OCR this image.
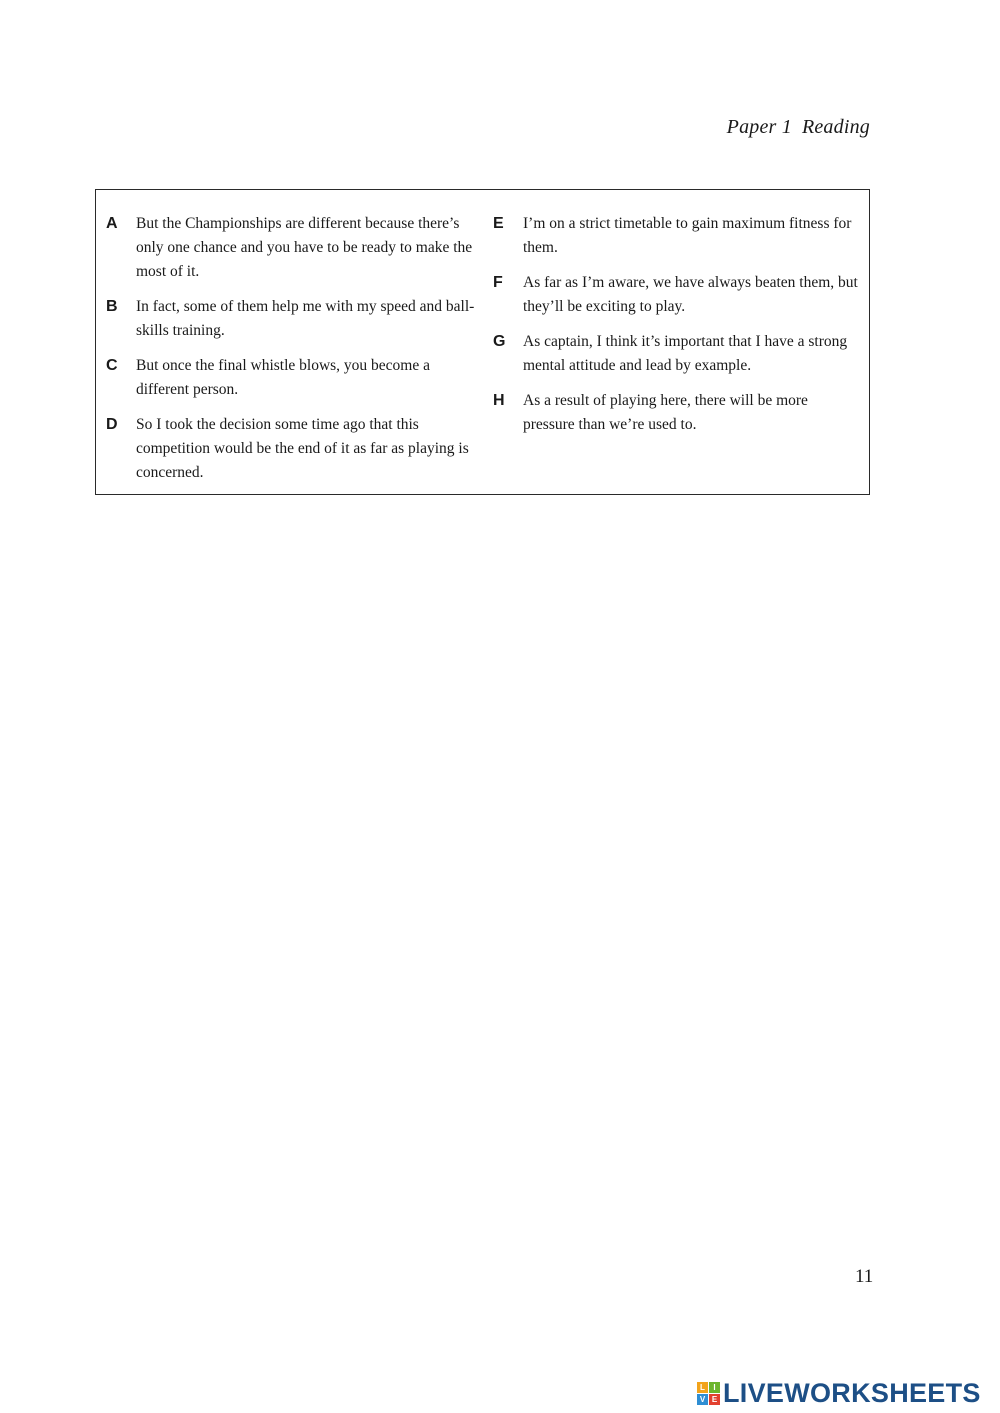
Paper 1 Reading
A	But the Championships are different because there’s only one chance and you have to be ready to make the most of it.
B	In fact, some of them help me with my speed and ball-skills training.
C	But once the final whistle blows, you become a different person.
D	So I took the decision some time ago that this competition would be the end of it as far as playing is concerned.
E	I’m on a strict timetable to gain maximum fitness for them.
F	As far as I’m aware, we have always beaten them, but they’ll be exciting to play.
G	As captain, I think it’s important that I have a strong mental attitude and lead by example.
H	As a result of playing here, there will be more pressure than we’re used to.
11
L	I
V E LIVEWORKSHEETS
